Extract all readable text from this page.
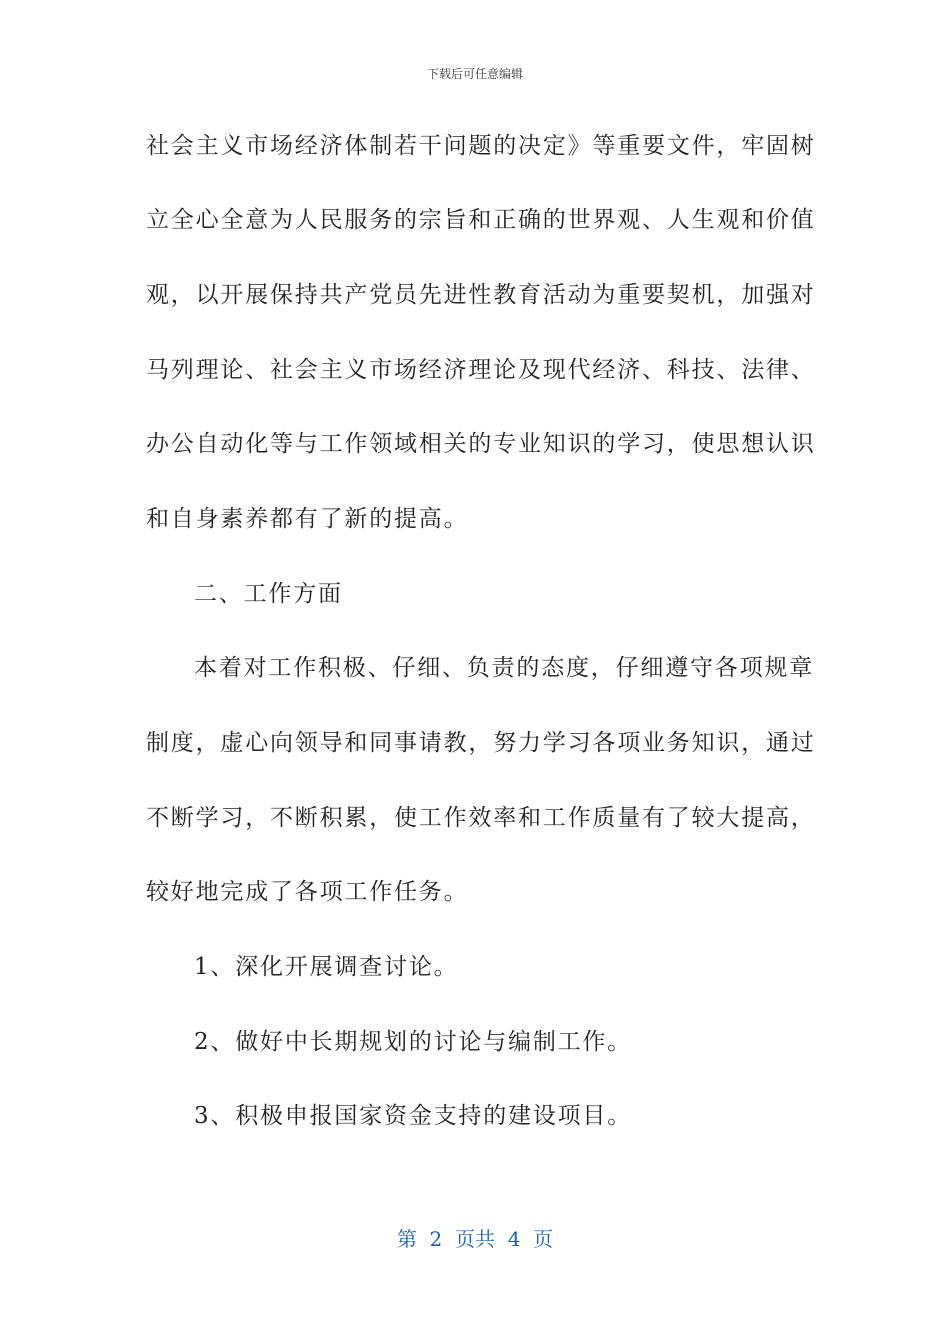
下载后可任意编辑
社会主义市场经济体制若干问题的决定》等重要文件，牢固树
立全心全意为人民服务的宗旨和正确的世界观、人生观和价值
观，以开展保持共产党员先进性教育活动为重要契机，加强对
马列理论、社会主义市场经济理论及现代经济、科技、法律、
办公自动化等与工作领域相关的专业知识的学习，使思想认识
和自身素养都有了新的提高。
二、工作方面
本着对工作积极、仔细、负责的态度，仔细遵守各项规章
制度，虚心向领导和同事请教，努力学习各项业务知识，通过
不断学习，不断积累，使工作效率和工作质量有了较大提高，
较好地完成了各项工作任务。
1、深化开展调查讨论。
2、做好中长期规划的讨论与编制工作。
3、积极申报国家资金支持的建设项目。
第  2  页共  4  页
